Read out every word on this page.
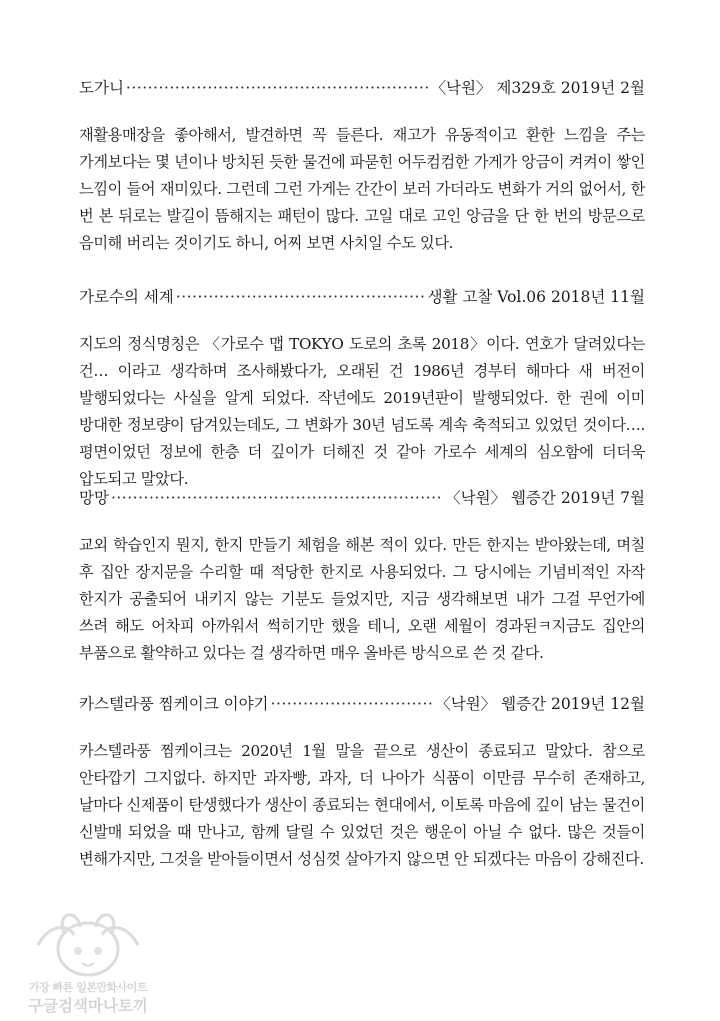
도가니 ·····	〈낙원〉 제329호 2019년 2월

재활용매장을 좋아해서, 발견하면 꼭 들른다. 재고가 유동적이고 환한 느낌을 주는 가게보다는 몇 년이나 방치된 듯한 물건에 파묻힌 어두컴컴한 가게가 앙금이 켜켜이 쌓인 느낌이 들어 재미있다. 그런데 그런 가게는 간간이 보러 가더라도 변화가 거의 없어서, 한 번 본 뒤로는 발길이 뜸해지는 패턴이 많다. 고일 대로 고인 앙금을 단 한 번의 방문으로 음미해 버리는 것이기도 하니, 어찌 보면 사치일 수도 있다.

가로수의 세계 ·····	생활 고찰 Vol.06 2018년 11월

지도의 정식명칭은 〈가로수 맵 TOKYO 도로의 초록 2018〉이다. 연호가 달려있다는 건… 이라고 생각하며 조사해봤다가, 오래된 건 1986년 경부터 해마다 새 버전이 발행되었다는 사실을 알게 되었다. 작년에도 2019년판이 발행되었다. 한 권에 이미 방대한 정보량이 담겨있는데도, 그 변화가 30년 넘도록 계속 축적되고 있었던 것이다…. 평면이었던 정보에 한층 더 깊이가 더해진 것 같아 가로수 세계의 심오함에 더더욱 압도되고 말았다.

망망 ·····	〈낙원〉 웹증간 2019년 7월

교외 학습인지 뭔지, 한지 만들기 체험을 해본 적이 있다. 만든 한지는 받아왔는데, 며칠 후 집안 장지문을 수리할 때 적당한 한지로 사용되었다. 그 당시에는 기념비적인 자작 한지가 공출되어 내키지 않는 기분도 들었지만, 지금 생각해보면 내가 그걸 무언가에 쓰려 해도 어차피 아까워서 썩히기만 했을 테니, 오랜 세월이 경과된ㅋ지금도 집안의 부품으로 활약하고 있다는 걸 생각하면 매우 올바른 방식으로 쓴 것 같다.

카스텔라풍 찜케이크 이야기 ·····	〈낙원〉 웹증간 2019년 12월

카스텔라풍 찜케이크는 2020년 1월 말을 끝으로 생산이 종료되고 말았다. 참으로 안타깝기 그지없다. 하지만 과자빵, 과자, 더 나아가 식품이 이만큼 무수히 존재하고, 날마다 신제품이 탄생했다가 생산이 종료되는 현대에서, 이토록 마음에 깊이 남는 물건이 신발매 되었을 때 만나고, 함께 달릴 수 있었던 것은 행운이 아닐 수 없다. 많은 것들이 변해가지만, 그것을 받아들이면서 성심껏 살아가지 않으면 안 되겠다는 마음이 강해진다.

가장 빠른 일본만화사이트
구글검색마나토끼
